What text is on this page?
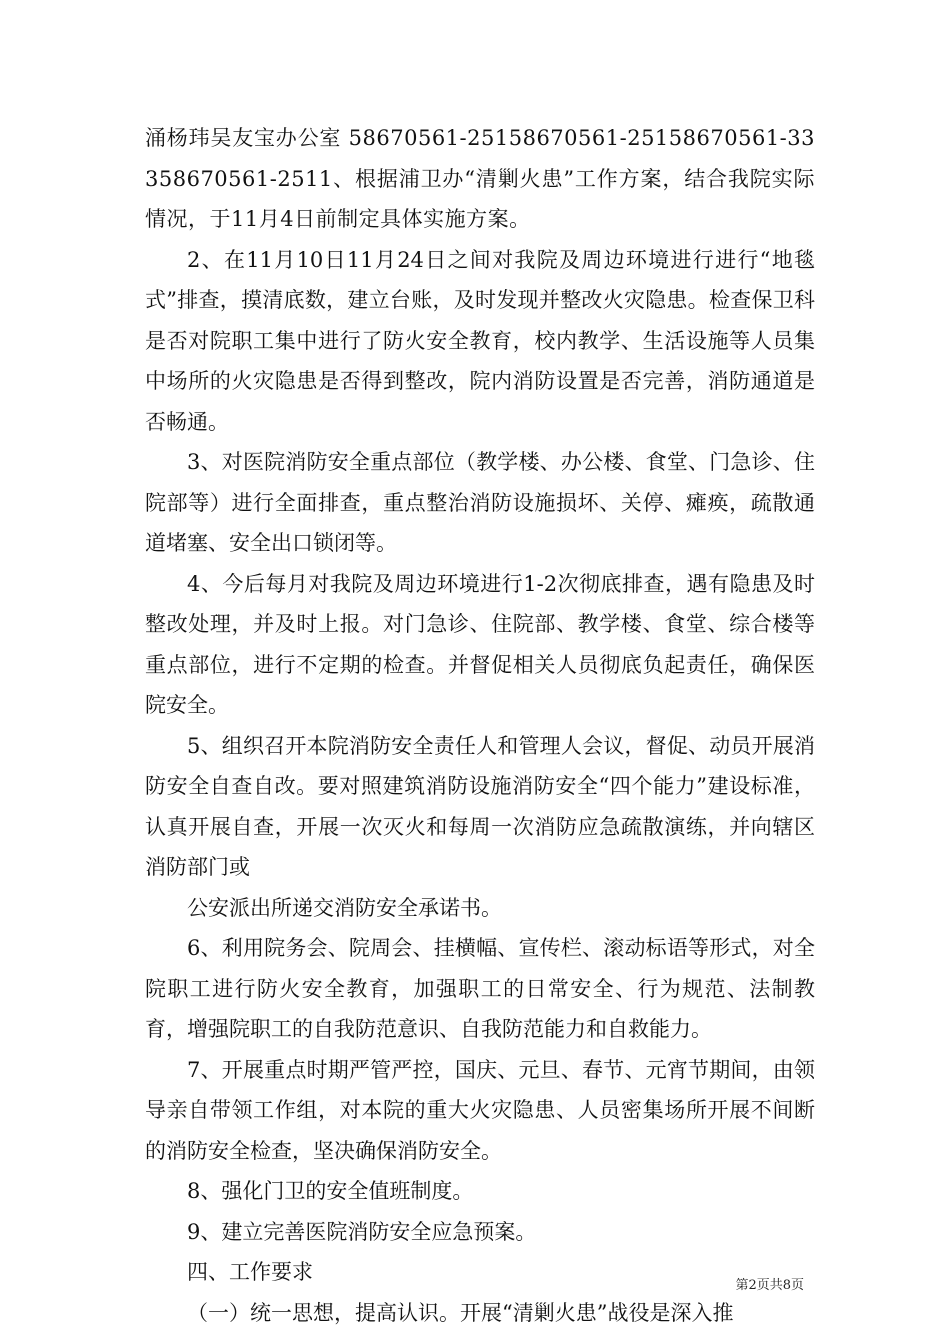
涌杨玮吴友宝办公室 58670561-25158670561-25158670561-33358670561-2511、根据浦卫办“清剿火患”工作方案，结合我院实际情况，于11月4日前制定具体实施方案。

2、在11月10日11月24日之间对我院及周边环境进行进行“地毯式”排查，摸清底数，建立台账，及时发现并整改火灾隐患。检查保卫科是否对院职工集中进行了防火安全教育，校内教学、生活设施等人员集中场所的火灾隐患是否得到整改，院内消防设置是否完善，消防通道是否畅通。

3、对医院消防安全重点部位（教学楼、办公楼、食堂、门急诊、住院部等）进行全面排查，重点整治消防设施损坏、关停、瘫痪，疏散通道堵塞、安全出口锁闭等。

4、今后每月对我院及周边环境进行1-2次彻底排查，遇有隐患及时整改处理，并及时上报。对门急诊、住院部、教学楼、食堂、综合楼等重点部位，进行不定期的检查。并督促相关人员彻底负起责任，确保医院安全。

5、组织召开本院消防安全责任人和管理人会议，督促、动员开展消防安全自查自改。要对照建筑消防设施消防安全“四个能力”建设标准，认真开展自查，开展一次灭火和每周一次消防应急疏散演练，并向辖区消防部门或

公安派出所递交消防安全承诺书。

6、利用院务会、院周会、挂横幅、宣传栏、滚动标语等形式，对全院职工进行防火安全教育，加强职工的日常安全、行为规范、法制教育，增强院职工的自我防范意识、自我防范能力和自救能力。

7、开展重点时期严管严控，国庆、元旦、春节、元宵节期间，由领导亲自带领工作组，对本院的重大火灾隐患、人员密集场所开展不间断的消防安全检查，坚决确保消防安全。

8、强化门卫的安全值班制度。

9、建立完善医院消防安全应急预案。

四、工作要求

（一）统一思想，提高认识。开展“清剿火患”战役是深入推

第2页共8页
